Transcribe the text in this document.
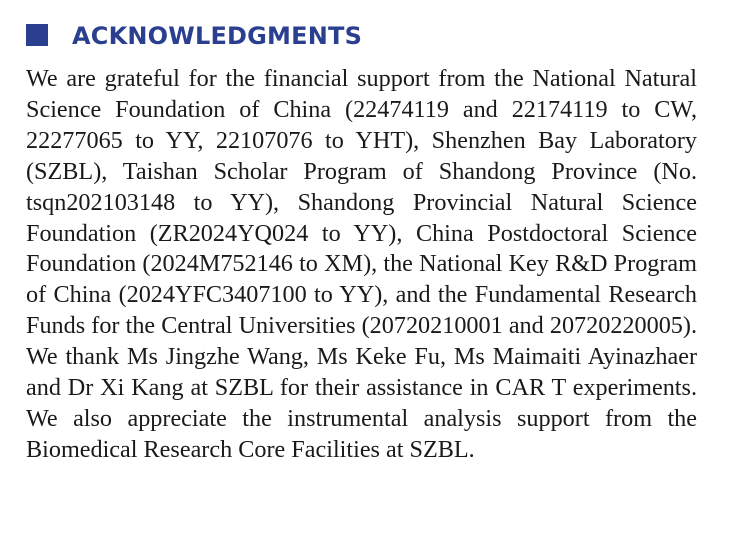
ACKNOWLEDGMENTS

We are grateful for the financial support from the National Natural Science Foundation of China (22474119 and 22174119 to CW, 22277065 to YY, 22107076 to YHT), Shenzhen Bay Laboratory (SZBL), Taishan Scholar Program of Shandong Province (No. tsqn202103148 to YY), Shandong Provincial Natural Science Foundation (ZR2024YQ024 to YY), China Postdoctoral Science Foundation (2024M752146 to XM), the National Key R&D Program of China (2024YFC3407100 to YY), and the Fundamental Research Funds for the Central Universities (20720210001 and 20720220005). We thank Ms Jingzhe Wang, Ms Keke Fu, Ms Maimaiti Ayinazhaer and Dr Xi Kang at SZBL for their assistance in CAR T experiments. We also appreciate the instrumental analysis support from the Biomedical Research Core Facilities at SZBL.
